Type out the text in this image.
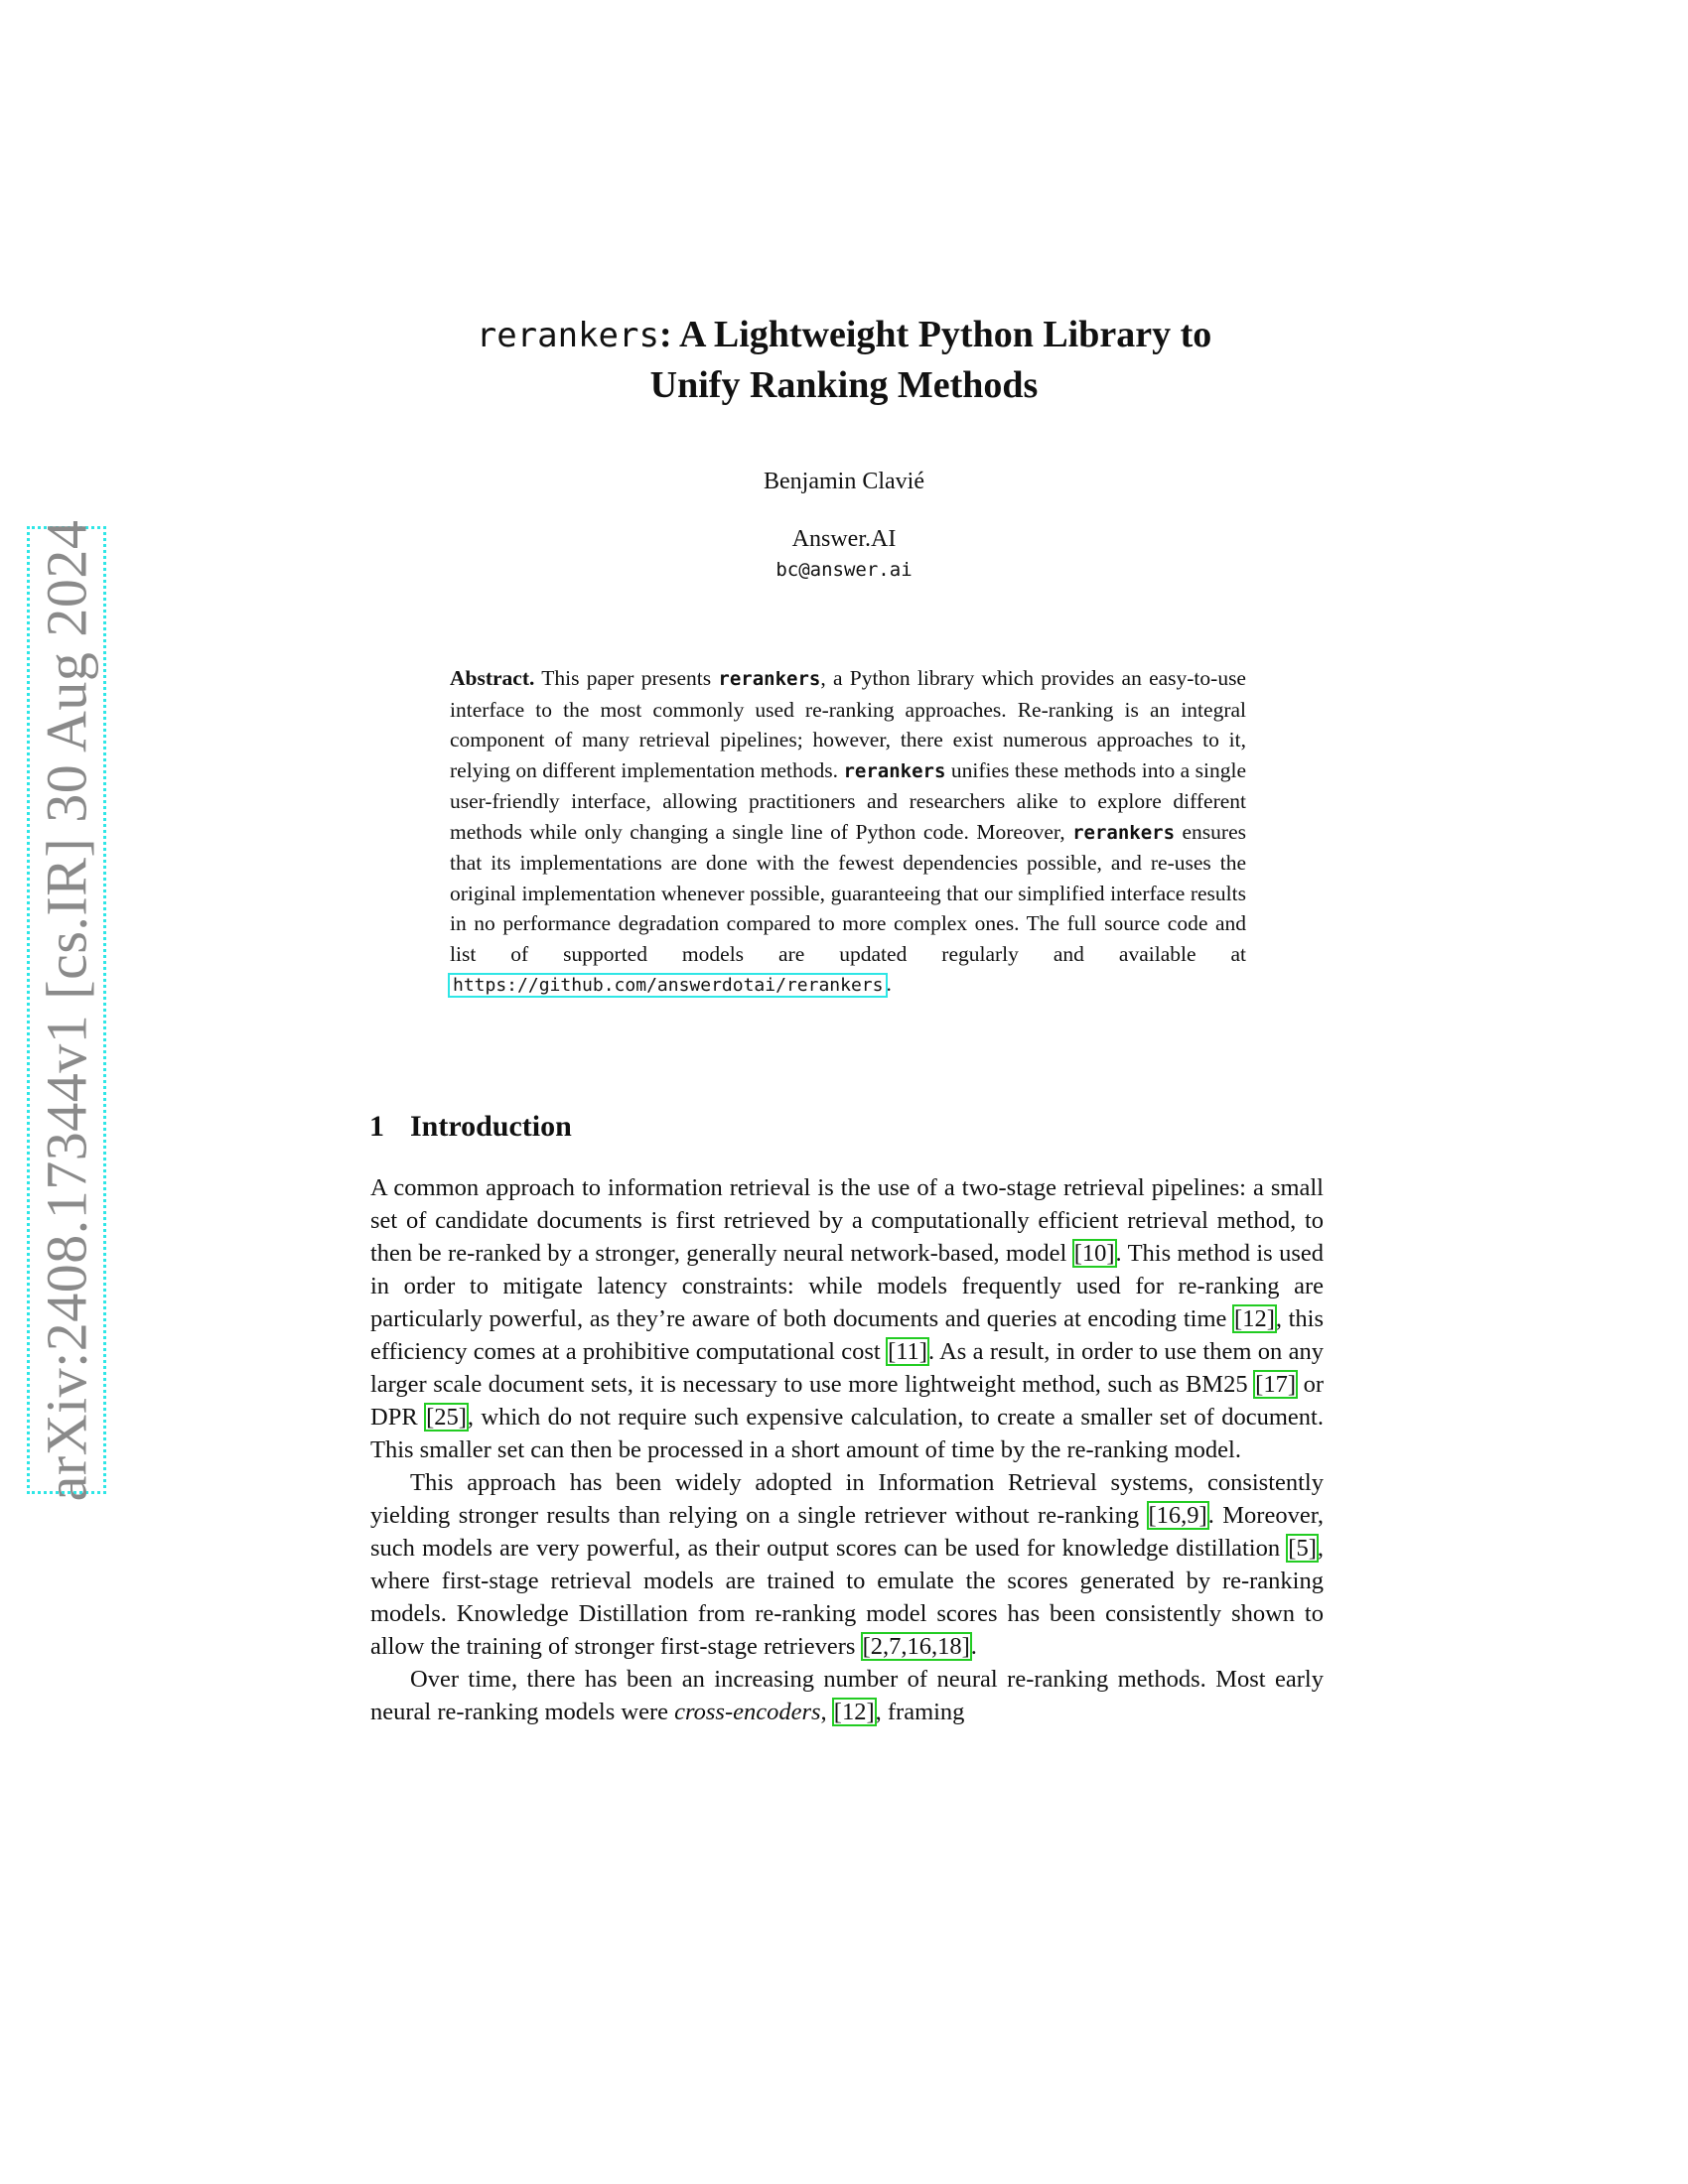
arXiv:2408.17344v1 [cs.IR] 30 Aug 2024
rerankers: A Lightweight Python Library to
Unify Ranking Methods
Benjamin Clavié
Answer.AI
bc@answer.ai
Abstract. This paper presents rerankers, a Python library which provides an easy-to-use interface to the most commonly used re-ranking approaches. Re-ranking is an integral component of many retrieval pipelines; however, there exist numerous approaches to it, relying on different implementation methods. rerankers unifies these methods into a single user-friendly interface, allowing practitioners and researchers alike to explore different methods while only changing a single line of Python code. Moreover, rerankers ensures that its implementations are done with the fewest dependencies possible, and re-uses the original implementation whenever possible, guaranteeing that our simplified interface results in no performance degradation compared to more complex ones. The full source code and list of supported models are updated regularly and available at https://github.com/answerdotai/rerankers .
1 Introduction

A common approach to information retrieval is the use of a two-stage retrieval pipelines: a small set of candidate documents is first retrieved by a computationally efficient retrieval method, to then be re-ranked by a stronger, generally neural network-based, model [10]. This method is used in order to mitigate latency constraints: while models frequently used for re-ranking are particularly powerful, as they’re aware of both documents and queries at encoding time [12], this efficiency comes at a prohibitive computational cost [11]. As a result, in order to use them on any larger scale document sets, it is necessary to use more lightweight method, such as BM25 [17] or DPR [25], which do not require such expensive calculation, to create a smaller set of document. This smaller set can then be processed in a short amount of time by the re-ranking model.

This approach has been widely adopted in Information Retrieval systems, consistently yielding stronger results than relying on a single retriever without re-ranking [16,9]. Moreover, such models are very powerful, as their output scores can be used for knowledge distillation [5], where first-stage retrieval models are trained to emulate the scores generated by re-ranking models. Knowledge Distillation from re-ranking model scores has been consistently shown to allow the training of stronger first-stage retrievers [2,7,16,18].

Over time, there has been an increasing number of neural re-ranking methods. Most early neural re-ranking models were cross-encoders, [12], framing
